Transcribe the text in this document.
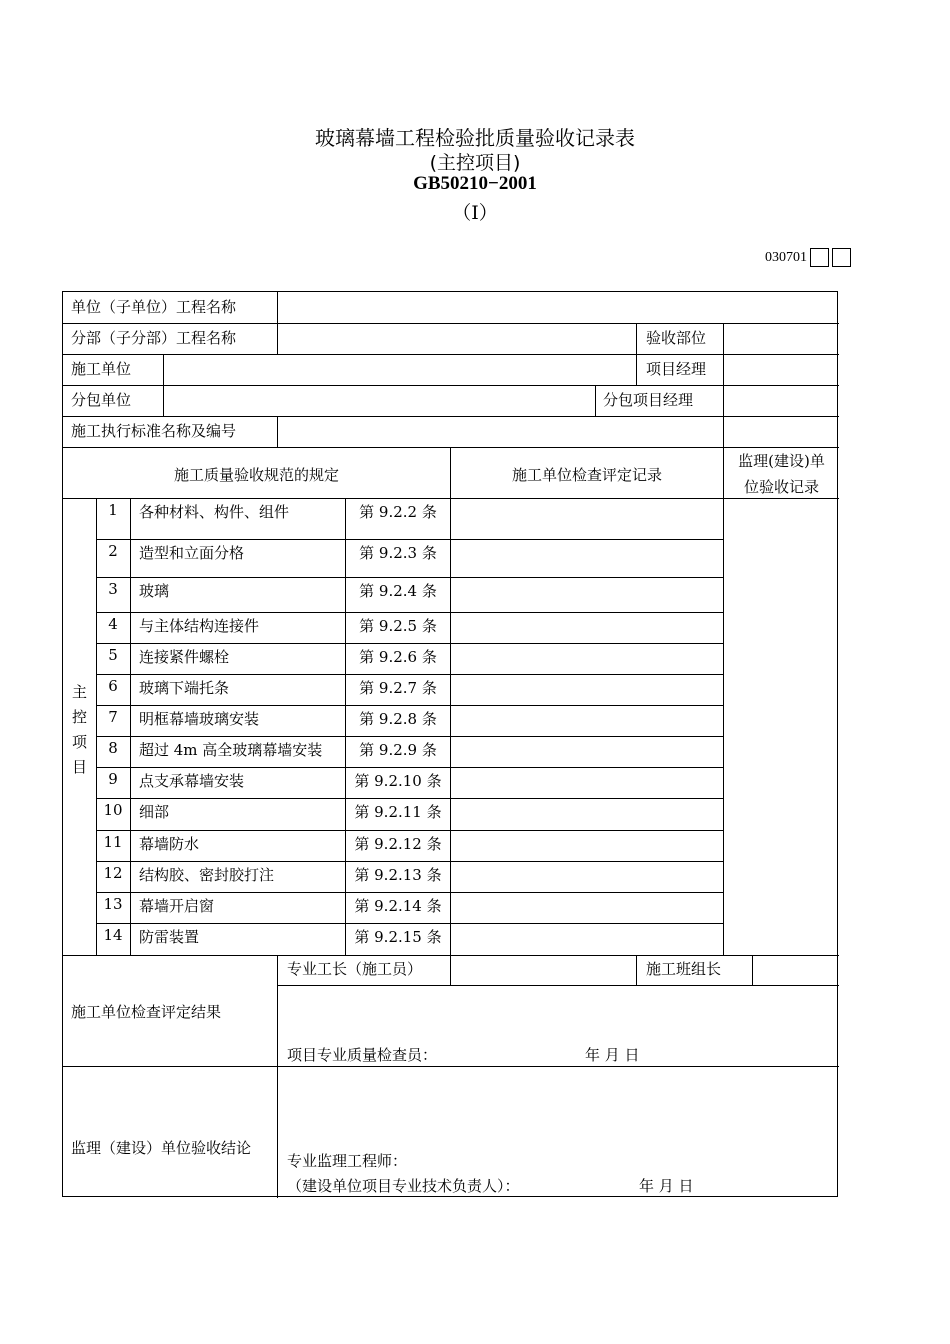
玻璃幕墙工程检验批质量验收记录表
(主控项目)
GB50210−2001
（Ⅰ）
030701
单位（子单位）工程名称
分部（子分部）工程名称	验收部位
施工单位	项目经理
分包单位	分包项目经理
施工执行标准名称及编号
施工质量验收规范的规定	施工单位检查评定记录
监理(建设)单
位验收记录
主
控
项
目
1	各种材料、构件、组件	第 9.2.2 条
2	造型和立面分格	第 9.2.3 条
3	玻璃	第 9.2.4 条
4	与主体结构连接件	第 9.2.5 条
5	连接紧件螺栓	第 9.2.6 条
6	玻璃下端托条	第 9.2.7 条
7	明框幕墙玻璃安装	第 9.2.8 条
8	超过 4m 高全玻璃幕墙安装	第 9.2.9 条
9	点支承幕墙安装	第 9.2.10 条
10	细部	第 9.2.11 条
11	幕墙防水	第 9.2.12 条
12	结构胶、密封胶打注	第 9.2.13 条
13	幕墙开启窗	第 9.2.14 条
14	防雷装置	第 9.2.15 条
专业工长（施工员）	施工班组长
施工单位检查评定结果
项目专业质量检查员：	年 月 日
监理（建设）单位验收结论
专业监理工程师：
（建设单位项目专业技术负责人）：	年 月 日
